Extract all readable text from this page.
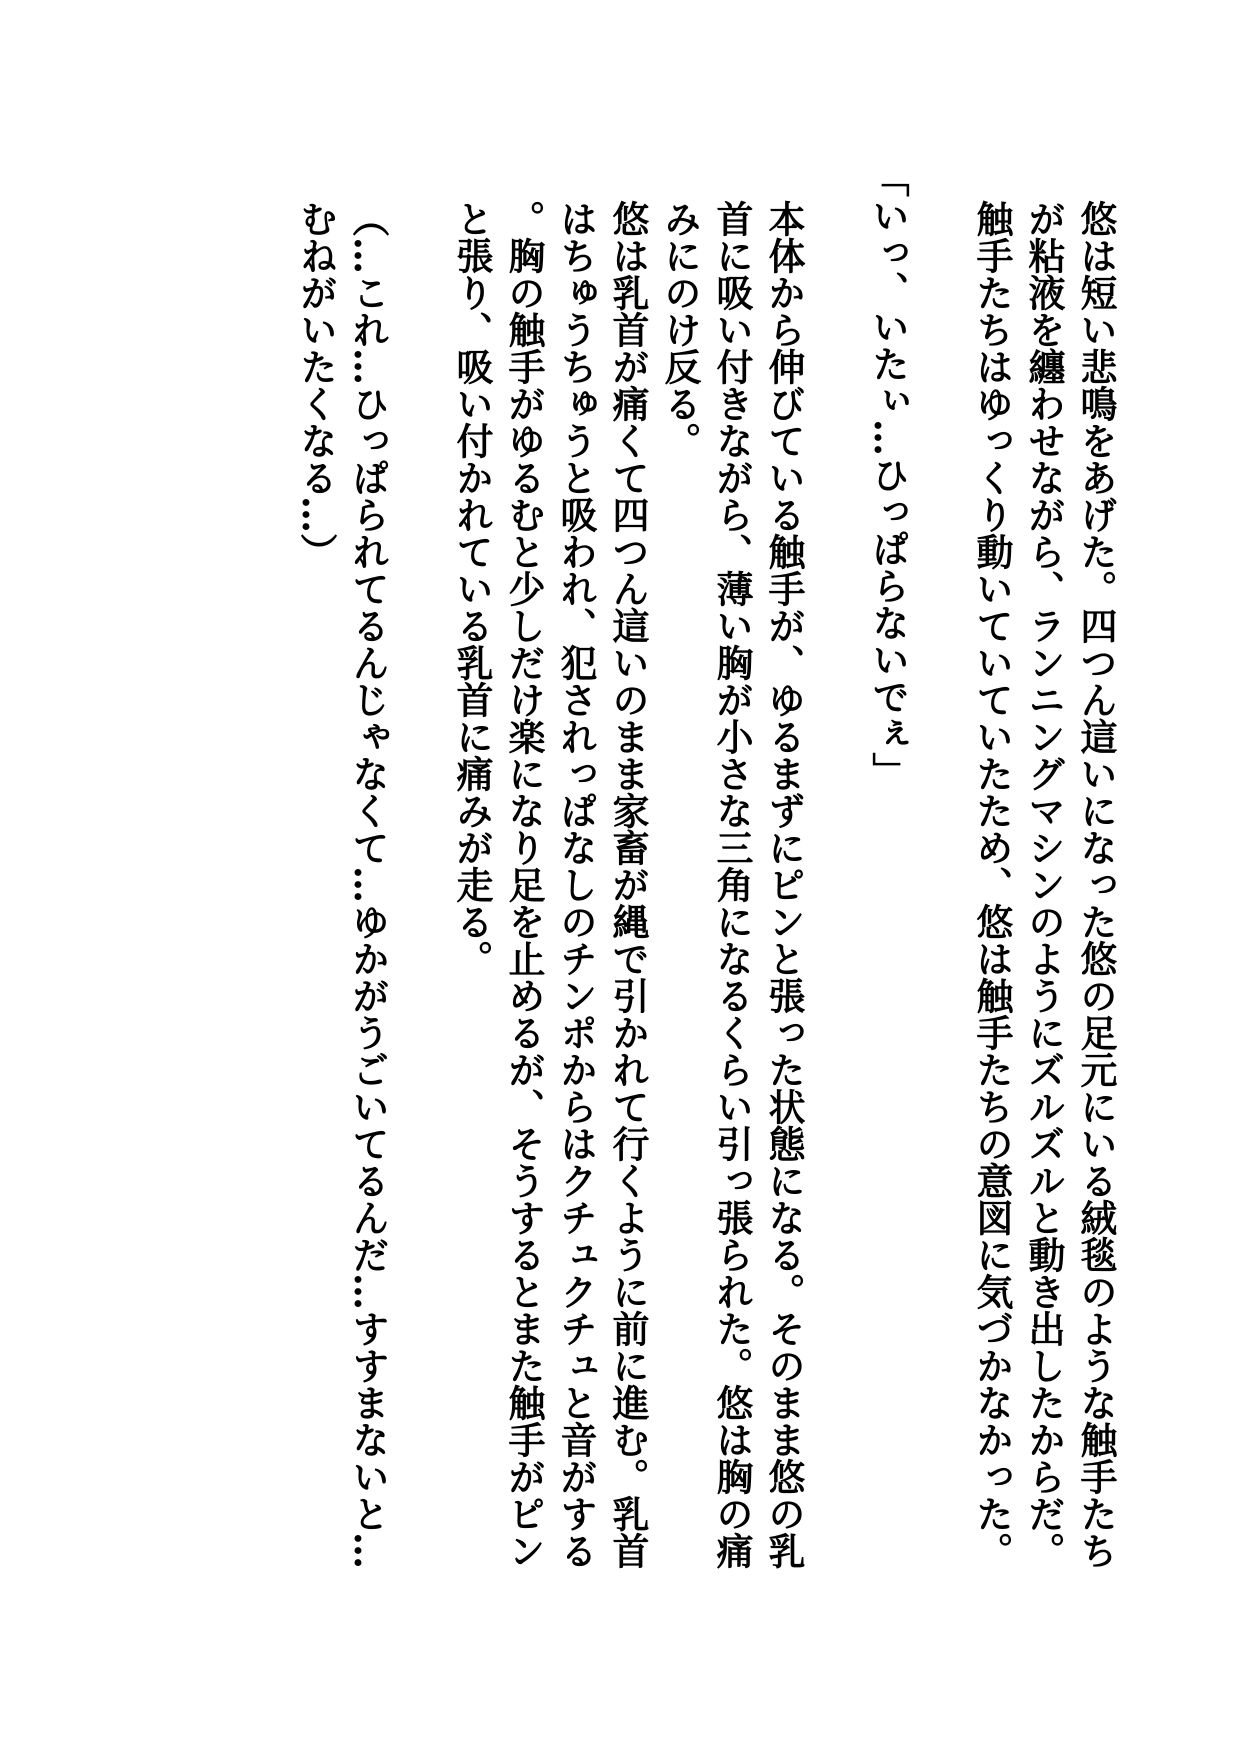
悠は短い悲鳴をあげた。四つん這いになった悠の足元にいる絨毯のような触手たちが粘液を纏わせながら、ランニングマシンのようにズルズルと動き出したからだ。触手たちはゆっくり動いていていたため、悠は触手たちの意図に気づかなかった。

「いっ、いたぃ…ひっぱらないでぇ」

本体から伸びている触手が、ゆるまずにピンと張った状態になる。そのまま悠の乳首に吸い付きながら、薄い胸が小さな三角になるくらい引っ張られた。悠は胸の痛みにのけ反る。

悠は乳首が痛くて四つん這いのまま家畜が縄で引かれて行くように前に進む。乳首はちゅうちゅうと吸われ、犯されっぱなしのチンポからはクチュクチュと音がする。胸の触手がゆるむと少しだけ楽になり足を止めるが、そうするとまた触手がピンと張り、吸い付かれている乳首に痛みが走る。

（…これ…ひっぱられてるんじゃなくて…ゆかがうごいてるんだ…すすまないと…むねがいたくなる…）
